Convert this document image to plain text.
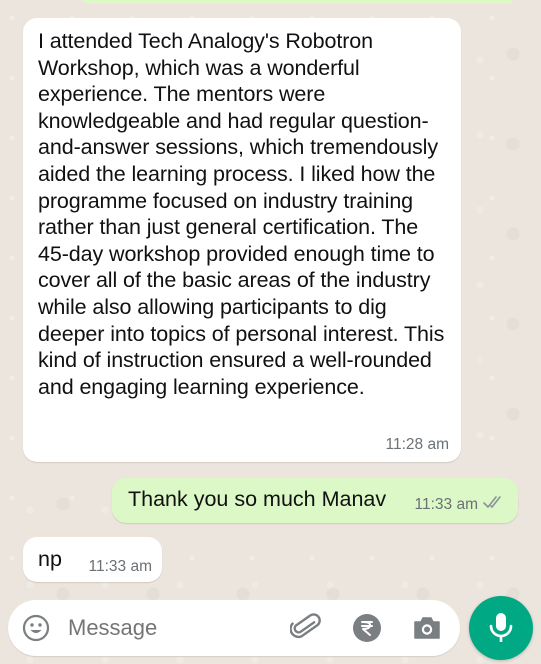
I attended Tech Analogy's Robotron Workshop, which was a wonderful experience. The mentors were knowledgeable and had regular question-and-answer sessions, which tremendously aided the learning process. I liked how the programme focused on industry training rather than just general certification. The 45-day workshop provided enough time to cover all of the basic areas of the industry while also allowing participants to dig deeper into topics of personal interest. This kind of instruction ensured a well-rounded and engaging learning experience.
11:28 am
Thank you so much Manav 11:33 am
np 11:33 am
Message
